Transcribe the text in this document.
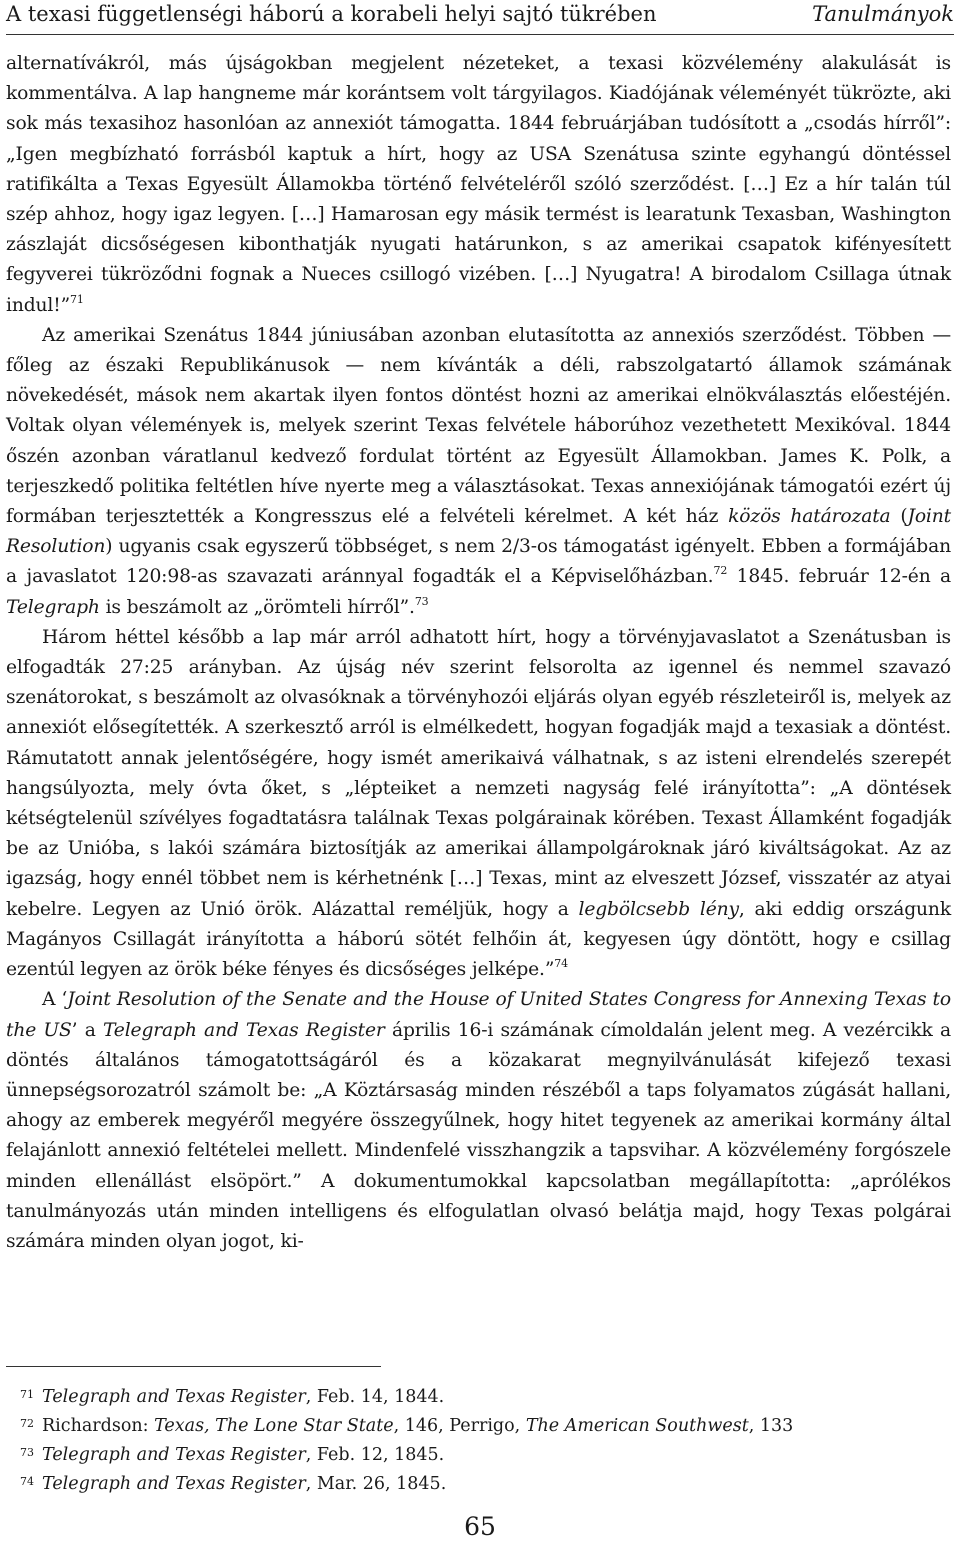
A texasi függetlenségi háború a korabeli helyi sajtó tükrében	Tanulmányok

alternatívákról, más újságokban megjelent nézeteket, a texasi közvélemény alakulását is kommentálva. A lap hangneme már korántsem volt tárgyilagos. Kiadójának véleményét tükrözte, aki sok más texasihoz hasonlóan az annexiót támogatta. 1844 februárjában tudósított a „csodás hírről”: „Igen megbízható forrásból kaptuk a hírt, hogy az USA Szenátusa szinte egyhangú döntéssel ratifikálta a Texas Egyesült Államokba történő felvételéről szóló szerződést. […] Ez a hír talán túl szép ahhoz, hogy igaz legyen. […] Hamarosan egy másik termést is learatunk Texasban, Washington zászlaját dicsőségesen kibonthatják nyugati határunkon, s az amerikai csapatok kifényesített fegyverei tükröződni fognak a Nueces csillogó vizében. […] Nyugatra! A birodalom Csillaga útnak indul!”$^{71}$

Az amerikai Szenátus 1844 júniusában azonban elutasította az annexiós szerződést. Többen — főleg az északi Republikánusok — nem kívánták a déli, rabszolgatartó államok számának növekedését, mások nem akartak ilyen fontos döntést hozni az amerikai elnökválasztás előestéjén. Voltak olyan vélemények is, melyek szerint Texas felvétele háborúhoz vezethetett Mexikóval. 1844 őszén azonban váratlanul kedvező fordulat történt az Egyesült Államokban. James K. Polk, a terjeszkedő politika feltétlen híve nyerte meg a választásokat. Texas annexiójának támogatói ezért új formában terjesztették a Kongresszus elé a felvételi kérelmet. A két ház közös határozata (Joint Resolution) ugyanis csak egyszerű többséget, s nem 2/3-os támogatást igényelt. Ebben a formájában a javaslatot 120:98-as szavazati aránnyal fogadták el a Képviselőházban.$^{72}$ 1845. február 12-én a Telegraph is beszámolt az „örömteli hírről”.$^{73}$

Három héttel később a lap már arról adhatott hírt, hogy a törvényjavaslatot a Szenátusban is elfogadták 27:25 arányban. Az újság név szerint felsorolta az igennel és nemmel szavazó szenátorokat, s beszámolt az olvasóknak a törvényhozói eljárás olyan egyéb részleteiről is, melyek az annexiót elősegítették. A szerkesztő arról is elmélkedett, hogyan fogadják majd a texasiak a döntést. Rámutatott annak jelentőségére, hogy ismét amerikaivá válhatnak, s az isteni elrendelés szerepét hangsúlyozta, mely óvta őket, s „lépteiket a nemzeti nagyság felé irányította”: „A döntések kétségtelenül szívélyes fogadtatásra találnak Texas polgárainak körében. Texast Államként fogadják be az Unióba, s lakói számára biztosítják az amerikai állampolgároknak járó kiváltságokat. Az az igazság, hogy ennél többet nem is kérhetnénk […] Texas, mint az elveszett József, visszatér az atyai kebelre. Legyen az Unió örök. Alázattal reméljük, hogy a legbölcsebb lény, aki eddig országunk Magányos Csillagát irányította a háború sötét felhőin át, kegyesen úgy döntött, hogy e csillag ezentúl legyen az örök béke fényes és dicsőséges jelképe.”$^{74}$

A ‘Joint Resolution of the Senate and the House of United States Congress for Annexing Texas to the US’ a Telegraph and Texas Register április 16-i számának címoldalán jelent meg. A vezércikk a döntés általános támogatottságáról és a közakarat megnyilvánulását kifejező texasi ünnepségsorozatról számolt be: „A Köztársaság minden részéből a taps folyamatos zúgását hallani, ahogy az emberek megyéről megyére összegyűlnek, hogy hitet tegyenek az amerikai kormány által felajánlott annexió feltételei mellett. Mindenfelé visszhangzik a tapsvihar. A közvélemény forgószele minden ellenállást elsöpört.” A dokumentumokkal kapcsolatban megállapította: „aprólékos tanulmányozás után minden intelligens és elfogulatlan olvasó belátja majd, hogy Texas polgárai számára minden olyan jogot, ki-

71 Telegraph and Texas Register, Feb. 14, 1844.
72 Richardson: Texas, The Lone Star State, 146, Perrigo, The American Southwest, 133
73 Telegraph and Texas Register, Feb. 12, 1845.
74 Telegraph and Texas Register, Mar. 26, 1845.
65
